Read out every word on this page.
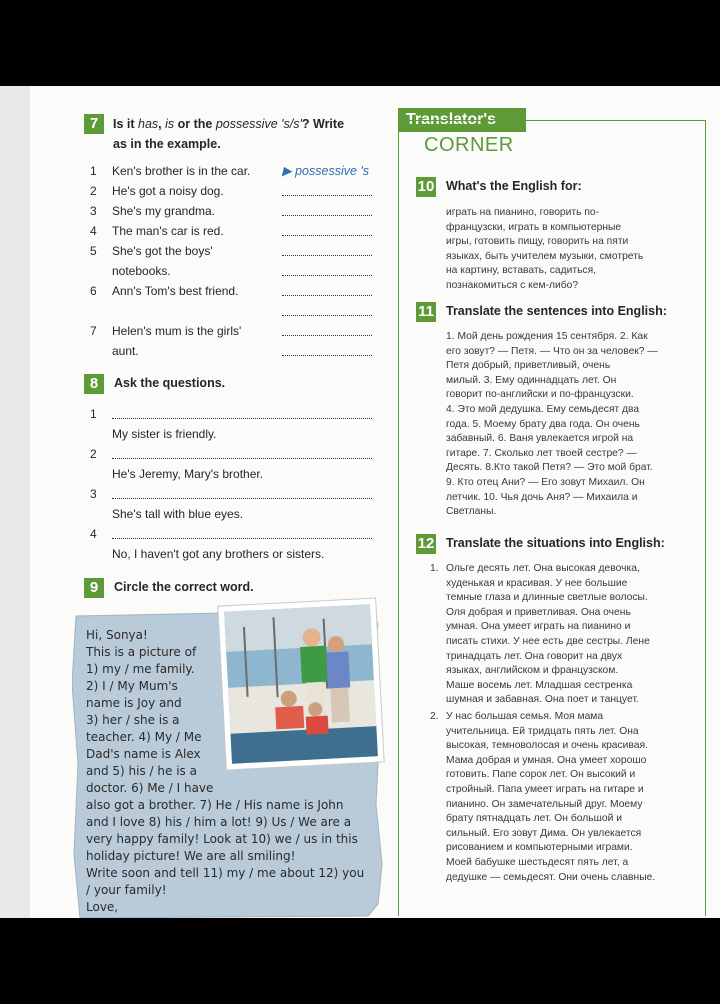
7	Is it has, is or the possessive 's/s'? Write
as in the example.
1 Ken's brother is in the car.	▶ possessive 's
2 He's got a noisy dog.
3 She's my grandma.
4 The man's car is red.
5 She's got the boys'
notebooks.
6 Ann's Tom's best friend.
7 Helen's mum is the girls'
aunt.
8	Ask the questions.
1
My sister is friendly.
2
He's Jeremy, Mary's brother.
3
She's tall with blue eyes.
4
No, I haven't got any brothers or sisters.
9	Circle the correct word.
Hi, Sonya!
This is a picture of
1) my / me family.
2) I / My Mum's
name is Joy and
3) her / she is a
teacher. 4) My / Me
Dad's name is Alex
and 5) his / he is a
doctor. 6) Me / I have
also got a brother. 7) He / His name is John
and I love 8) his / him a lot! 9) Us / We are a
very happy family! Look at 10) we / us in this
holiday picture! We are all smiling!
Write soon and tell 11) my / me about 12) you
/ your family!
Love,
Translator's
CORNER
10 What's the English for:
играть на пианино, говорить по-
французски, играть в компьютерные
игры, готовить пищу, говорить на пяти
языках, быть учителем музыки, смотреть
на картину, вставать, садиться,
познакомиться с кем-либо?
11 Translate the sentences into English:
1. Мой день рождения 15 сентября. 2. Как
его зовут? — Петя. — Что он за человек? —
Петя добрый, приветливый, очень
милый. 3. Ему одиннадцать лет. Он
говорит по-английски и по-французски.
4. Это мой дедушка. Ему семьдесят два
года. 5. Моему брату два года. Он очень
забавный. 6. Ваня увлекается игрой на
гитаре. 7. Сколько лет твоей сестре? —
Десять. 8.Кто такой Петя? — Это мой брат.
9. Кто отец Ани? — Его зовут Михаил. Он
летчик. 10. Чья дочь Аня? — Михаила и
Светланы.
12 Translate the situations into English:
1. Ольге десять лет. Она высокая девочка,
худенькая и красивая. У нее большие
темные глаза и длинные светлые волосы.
Оля добрая и приветливая. Она очень
умная. Она умеет играть на пианино и
писать стихи. У нее есть две сестры. Лене
тринадцать лет. Она говорит на двух
языках, английском и французском.
Маше восемь лет. Младшая сестренка
шумная и забавная. Она поет и танцует.
2. У нас большая семья. Моя мама
учительница. Ей тридцать пять лет. Она
высокая, темноволосая и очень красивая.
Мама добрая и умная. Она умеет хорошо
готовить. Папе сорок лет. Он высокий и
стройный. Папа умеет играть на гитаре и
пианино. Он замечательный друг. Моему
брату пятнадцать лет. Он большой и
сильный. Его зовут Дима. Он увлекается
рисованием и компьютерными играми.
Моей бабушке шестьдесят пять лет, а
дедушке — семьдесят. Они очень славные.
